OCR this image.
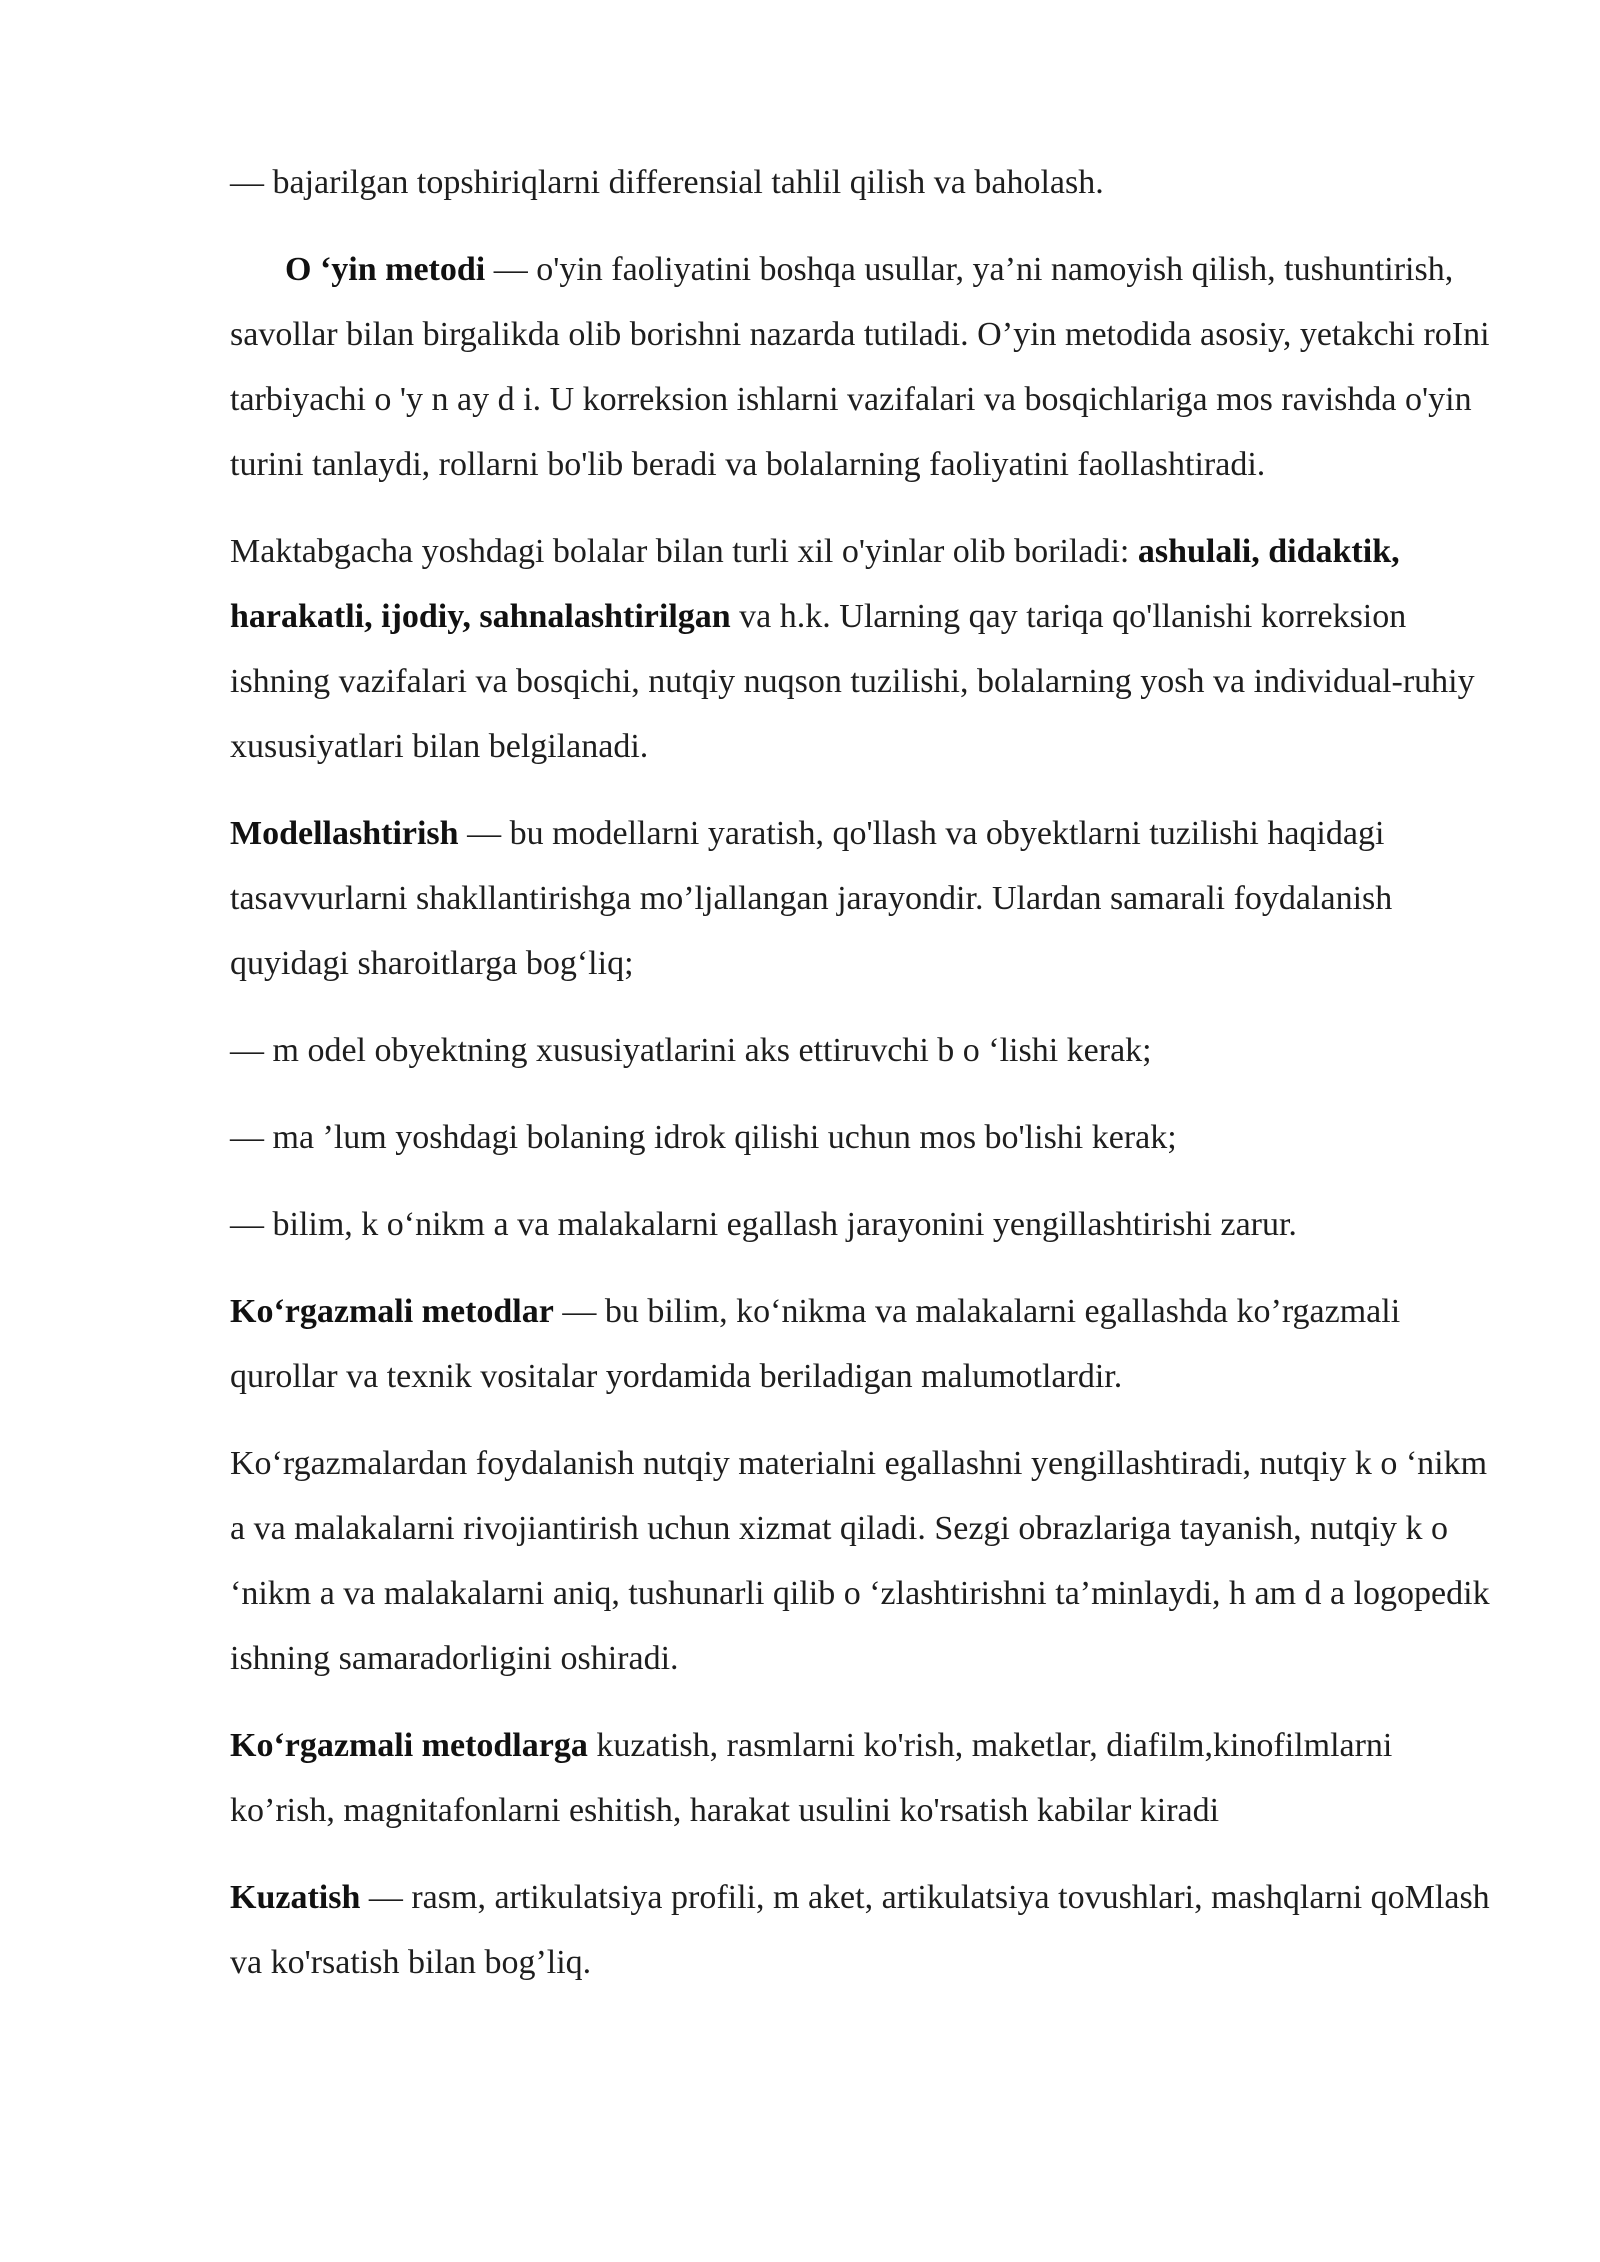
— bajarilgan topshiriqlarni differensial tahlil qilish va baholash.

O ‘yin metodi — o'yin faoliyatini boshqa usullar, ya’ni namoyish qilish, tushuntirish, savollar bilan birgalikda olib borishni nazarda tutiladi. O’yin metodida asosiy, yetakchi roIni tarbiyachi o 'y n ay d i. U korreksion ishlarni vazifalari va bosqichlariga mos ravishda o'yin turini tanlaydi, rollarni bo'lib beradi va bolalarning faoliyatini faollashtiradi.

Maktabgacha yoshdagi bolalar bilan turli xil o'yinlar olib boriladi: ashulali, didaktik, harakatli, ijodiy, sahnalashtirilgan va h.k. Ularning qay tariqa qo'llanishi korreksion ishning vazifalari va bosqichi, nutqiy nuqson tuzilishi, bolalarning yosh va individual-ruhiy xususiyatlari bilan belgilanadi.

Modellashtirish — bu modellarni yaratish, qo'llash va obyektlarni tuzilishi haqidagi tasavvurlarni shakllantirishga mo’ljallangan jarayondir. Ulardan samarali foydalanish quyidagi sharoitlarga bog‘liq;

— m odel obyektning xususiyatlarini aks ettiruvchi b o ‘lishi kerak;

— ma ’lum yoshdagi bolaning idrok qilishi uchun mos bo'lishi kerak;

— bilim, k o‘nikm a va malakalarni egallash jarayonini yengillashtirishi zarur.

Ko‘rgazmali metodlar — bu bilim, ko‘nikma va malakalarni egallashda ko’rgazmali qurollar va texnik vositalar yordamida beriladigan malumotlardir.

Ko‘rgazmalardan foydalanish nutqiy materialni egallashni yengillashtiradi, nutqiy k o ‘nikm a va malakalarni rivojiantirish uchun xizmat qiladi. Sezgi obrazlariga tayanish, nutqiy k o ‘nikm a va malakalarni aniq, tushunarli qilib o ‘zlashtirishni ta’minlaydi, h am d a logopedik ishning samaradorligini oshiradi.

Ko‘rgazmali metodlarga kuzatish, rasmlarni ko'rish, maketlar, diafilm,kinofilmlarni ko’rish, magnitafonlarni eshitish, harakat usulini ko'rsatish kabilar kiradi

Kuzatish — rasm, artikulatsiya profili, m aket, artikulatsiya tovushlari, mashqlarni qoMlash va ko'rsatish bilan bog’liq.
